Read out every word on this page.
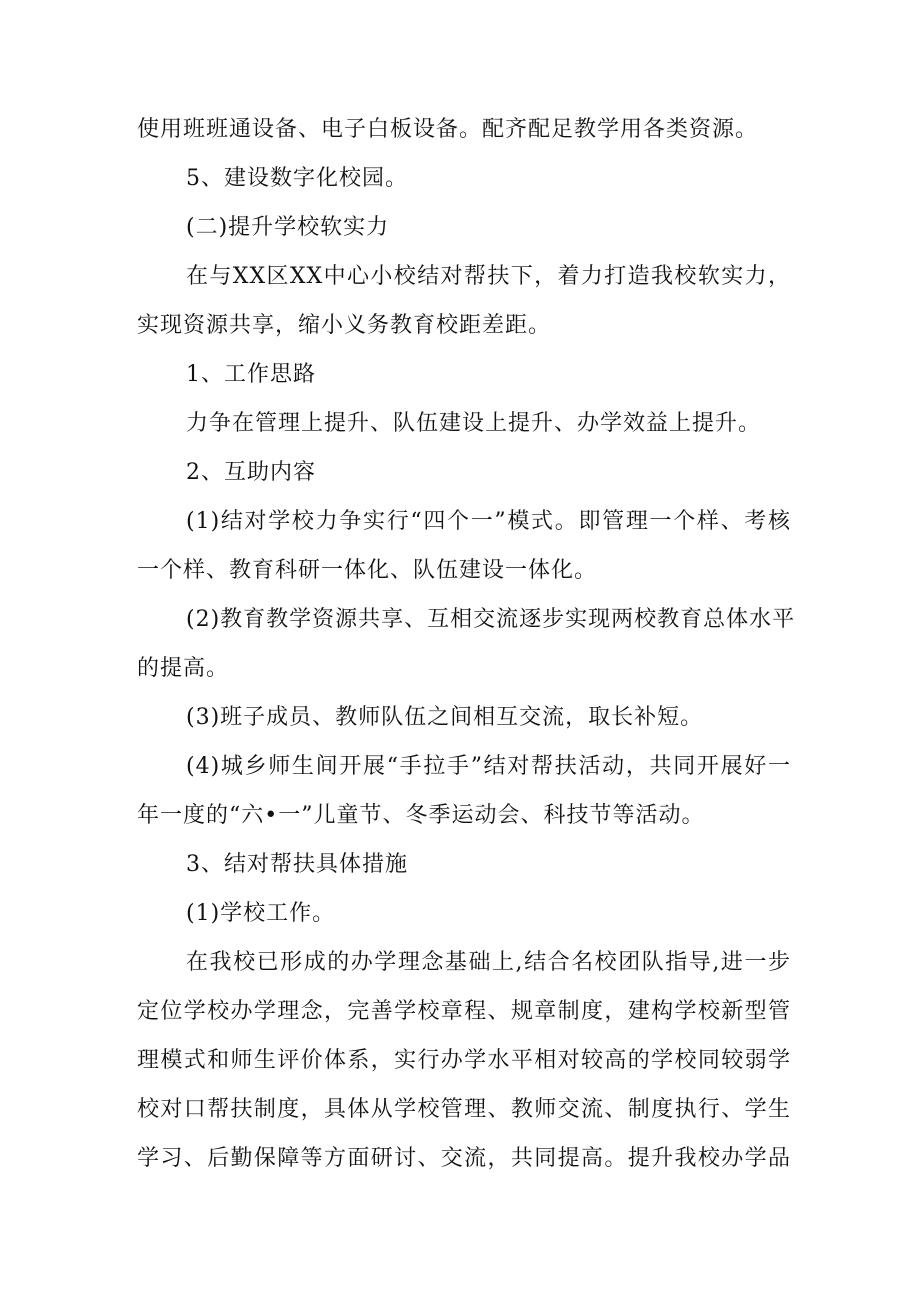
使用班班通设备、电子白板设备。配齐配足教学用各类资源。
5、建设数字化校园。
(二)提升学校软实力
在与XX区XX中心小校结对帮扶下，着力打造我校软实力，
实现资源共享，缩小义务教育校距差距。
1、工作思路
力争在管理上提升、队伍建设上提升、办学效益上提升。
2、互助内容
(1)结对学校力争实行“四个一”模式。即管理一个样、考核
一个样、教育科研一体化、队伍建设一体化。
(2)教育教学资源共享、互相交流逐步实现两校教育总体水平
的提高。
(3)班子成员、教师队伍之间相互交流，取长补短。
(4)城乡师生间开展“手拉手”结对帮扶活动，共同开展好一
年一度的“六•一”儿童节、冬季运动会、科技节等活动。
3、结对帮扶具体措施
(1)学校工作。
在我校已形成的办学理念基础上,结合名校团队指导,进一步
定位学校办学理念，完善学校章程、规章制度，建构学校新型管
理模式和师生评价体系，实行办学水平相对较高的学校同较弱学
校对口帮扶制度，具体从学校管理、教师交流、制度执行、学生
学习、后勤保障等方面研讨、交流，共同提高。提升我校办学品
